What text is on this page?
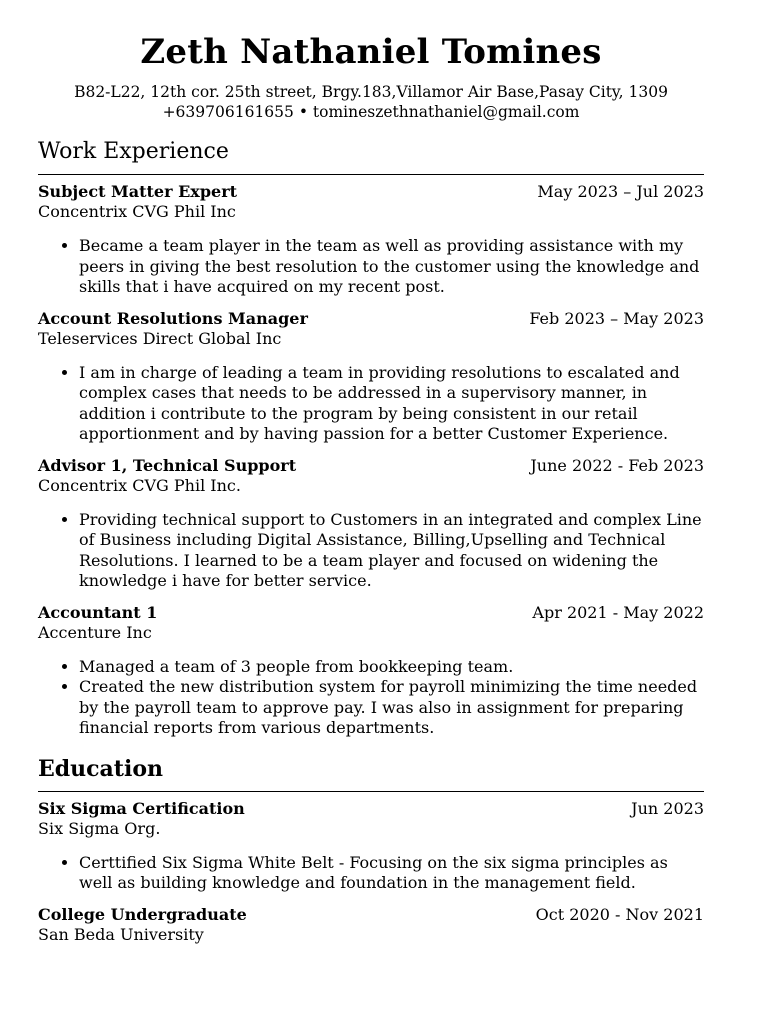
Zeth Nathaniel Tomines
B82-L22, 12th cor. 25th street, Brgy.183,Villamor Air Base,Pasay City, 1309
+639706161655 • tomineszethnathaniel@gmail.com
Work Experience
Subject Matter Expert	May 2023 – Jul 2023
Concentrix CVG Phil Inc
• Became a team player in the team as well as providing assistance with my peers in giving the best resolution to the customer using the knowledge and skills that i have acquired on my recent post.
Account Resolutions Manager	Feb 2023 – May 2023
Teleservices Direct Global Inc
• I am in charge of leading a team in providing resolutions to escalated and complex cases that needs to be addressed in a supervisory manner, in addition i contribute to the program by being consistent in our retail apportionment and by having passion for a better Customer Experience.
Advisor 1, Technical Support	June 2022 - Feb 2023
Concentrix CVG Phil Inc.
• Providing technical support to Customers in an integrated and complex Line of Business including Digital Assistance, Billing,Upselling and Technical Resolutions. I learned to be a team player and focused on widening the knowledge i have for better service.
Accountant 1	Apr 2021 - May 2022
Accenture Inc
• Managed a team of 3 people from bookkeeping team.
• Created the new distribution system for payroll minimizing the time needed by the payroll team to approve pay. I was also in assignment for preparing financial reports from various departments.
Education
Six Sigma Certification	Jun 2023
Six Sigma Org.
• Certtified Six Sigma White Belt - Focusing on the six sigma principles as well as building knowledge and foundation in the management field.
College Undergraduate	Oct 2020 - Nov 2021
San Beda University
